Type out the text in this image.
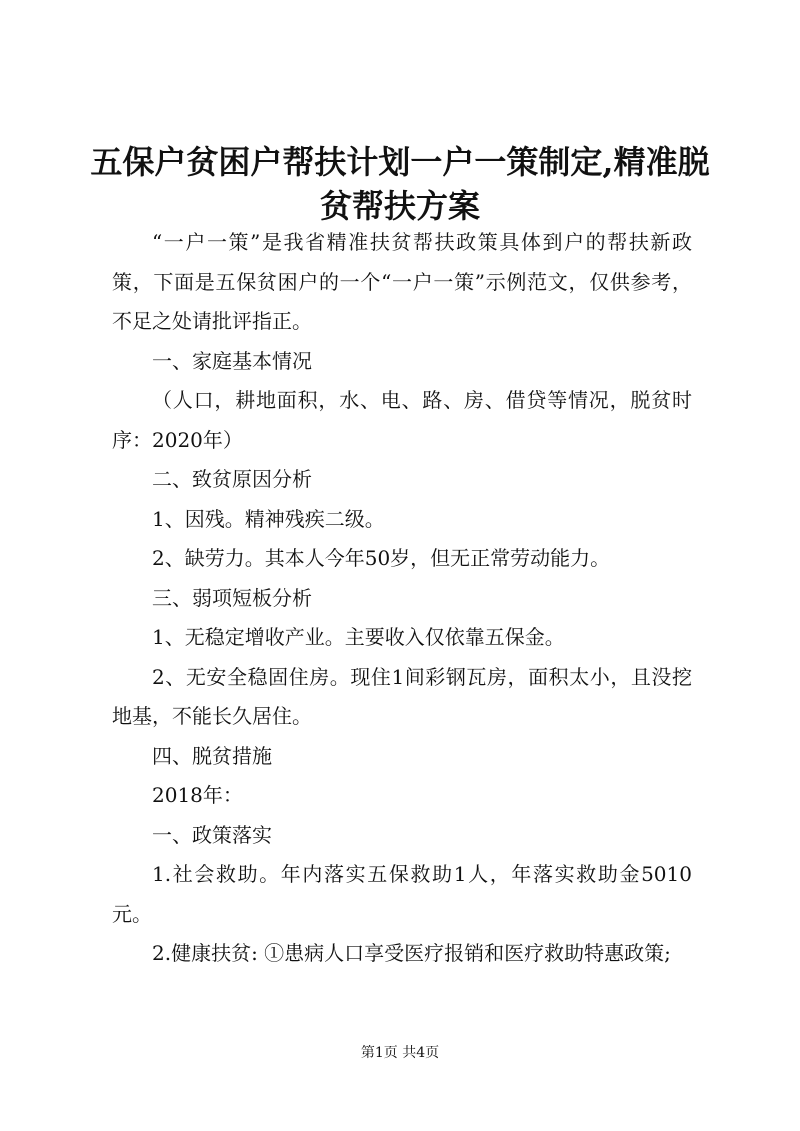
五保户贫困户帮扶计划一户一策制定,精准脱贫帮扶方案

“一户一策”是我省精准扶贫帮扶政策具体到户的帮扶新政策，下面是五保贫困户的一个“一户一策”示例范文，仅供参考，不足之处请批评指正。

一、家庭基本情况

（人口，耕地面积，水、电、路、房、借贷等情况，脱贫时序：2020年）

二、致贫原因分析

1、因残。精神残疾二级。

2、缺劳力。其本人今年50岁，但无正常劳动能力。

三、弱项短板分析

1、无稳定增收产业。主要收入仅依靠五保金。

2、无安全稳固住房。现住1间彩钢瓦房，面积太小，且没挖地基，不能长久居住。

四、脱贫措施

2018年：

一、政策落实

1.社会救助。年内落实五保救助1人，年落实救助金5010元。

2.健康扶贫: ①患病人口享受医疗报销和医疗救助特惠政策;

第1页 共4页
